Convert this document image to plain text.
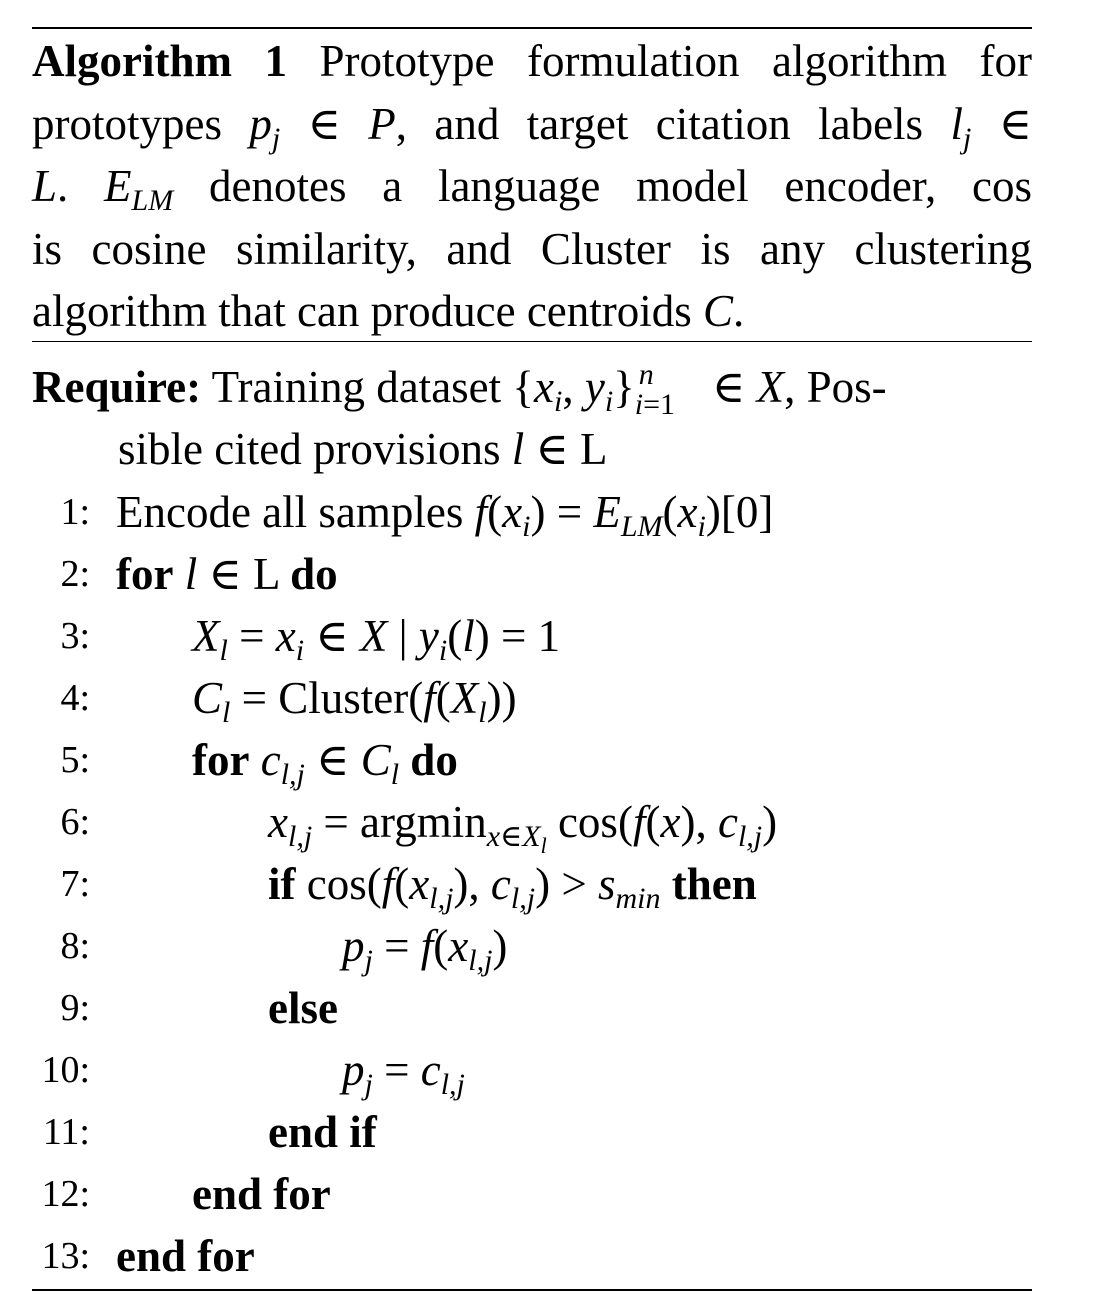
Algorithm 1 Prototype formulation algorithm for
prototypes $p_j$ ∈ P, and target citation labels $l_j$ ∈
L. $E_{LM}$ denotes a language model encoder, cos
is cosine similarity, and Cluster is any clustering
algorithm that can produce centroids C.
Require: Training dataset {$x_i$, $y_i$} n
i=1 ∈ X, Pos-
sible cited provisions l ∈ L
1: Encode all samples $f(x_i) = E_{LM}(x_i)[0]$
2: for l ∈ L do
3: $X_l = x_i$ ∈ X | $y_i(l) = 1$
4: $C_l$ = $Cluster(f(X_l))$
5: for $c_{l,j}$ ∈ $C_l$ do
6:	$x_{l,j} = argmin_{x\in X_l}$ cos(f(x), $c_{l,j}$)
7:	if $\cos(f(x_{l,j})$, $c_{l,j}) > s_{min}$ then
8:	$p_j = f(x_{l,j})$
9:	else
10:	$p_j = c_{l,j}$
11:	end if
12: end for
13: end for
